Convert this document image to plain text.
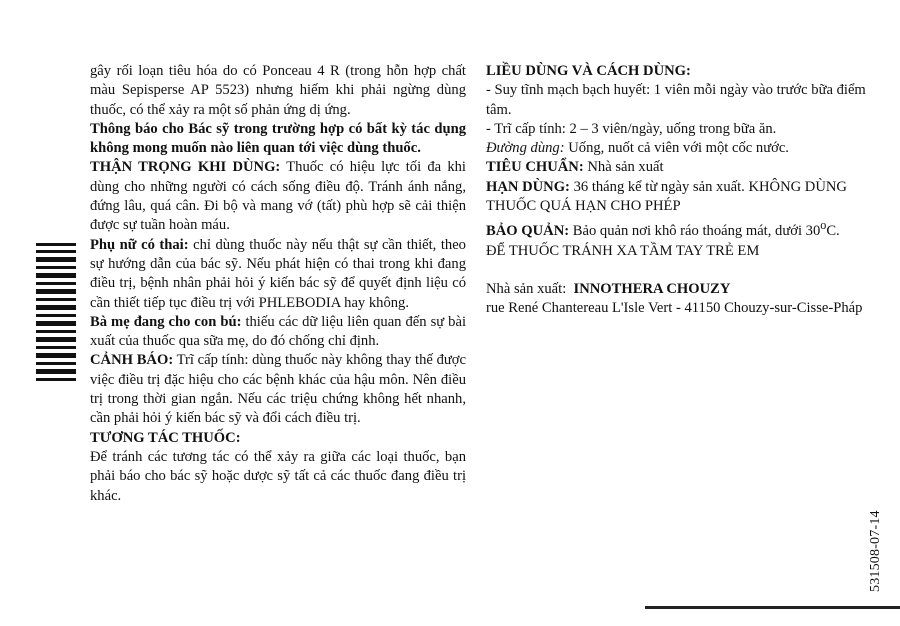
gây rối loạn tiêu hóa do có Ponceau 4 R (trong hỗn hợp chất màu Sepisperse AP 5523) nhưng hiếm khi phải ngừng dùng thuốc, có thể xảy ra một số phản ứng dị ứng.

Thông báo cho Bác sỹ trong trường hợp có bất kỳ tác dụng không mong muốn nào liên quan tới việc dùng thuốc.

THẬN TRỌNG KHI DÙNG: Thuốc có hiệu lực tối đa khi dùng cho những người có cách sống điều độ. Tránh ánh nắng, đứng lâu, quá cân. Đi bộ và mang vớ (tất) phù hợp sẽ cải thiện được sự tuần hoàn máu.

Phụ nữ có thai: chỉ dùng thuốc này nếu thật sự cần thiết, theo sự hướng dẫn của bác sỹ. Nếu phát hiện có thai trong khi đang điều trị, bệnh nhân phải hỏi ý kiến bác sỹ để quyết định liệu có cần thiết tiếp tục điều trị với PHLEBODIA hay không.

Bà mẹ đang cho con bú: thiếu các dữ liệu liên quan đến sự bài xuất của thuốc qua sữa mẹ, do đó chống chỉ định.

CẢNH BÁO: Trĩ cấp tính: dùng thuốc này không thay thế được việc điều trị đặc hiệu cho các bệnh khác của hậu môn. Nên điều trị trong thời gian ngắn. Nếu các triệu chứng không hết nhanh, cần phải hỏi ý kiến bác sỹ và đổi cách điều trị.

TƯƠNG TÁC THUỐC:

Để tránh các tương tác có thể xảy ra giữa các loại thuốc, bạn phải báo cho bác sỹ hoặc dược sỹ tất cả các thuốc đang điều trị khác.

LIỀU DÙNG VÀ CÁCH DÙNG:

- Suy tĩnh mạch bạch huyết: 1 viên mỗi ngày vào trước bữa điểm tâm.

- Trĩ cấp tính: 2 – 3 viên/ngày, uống trong bữa ăn.

Đường dùng: Uống, nuốt cả viên với một cốc nước.

TIÊU CHUẨN: Nhà sản xuất

HẠN DÙNG: 36 tháng kể từ ngày sản xuất. KHÔNG DÙNG THUỐC QUÁ HẠN CHO PHÉP

BẢO QUẢN: Bảo quản nơi khô ráo thoáng mát, dưới 30$^o$C.

ĐỂ THUỐC TRÁNH XA TẦM TAY TRẺ EM

Nhà sản xuất: INNOTHERA CHOUZY

rue René Chantereau L'Isle Vert - 41150 Chouzy-sur-Cisse-Pháp

531508-07-14
